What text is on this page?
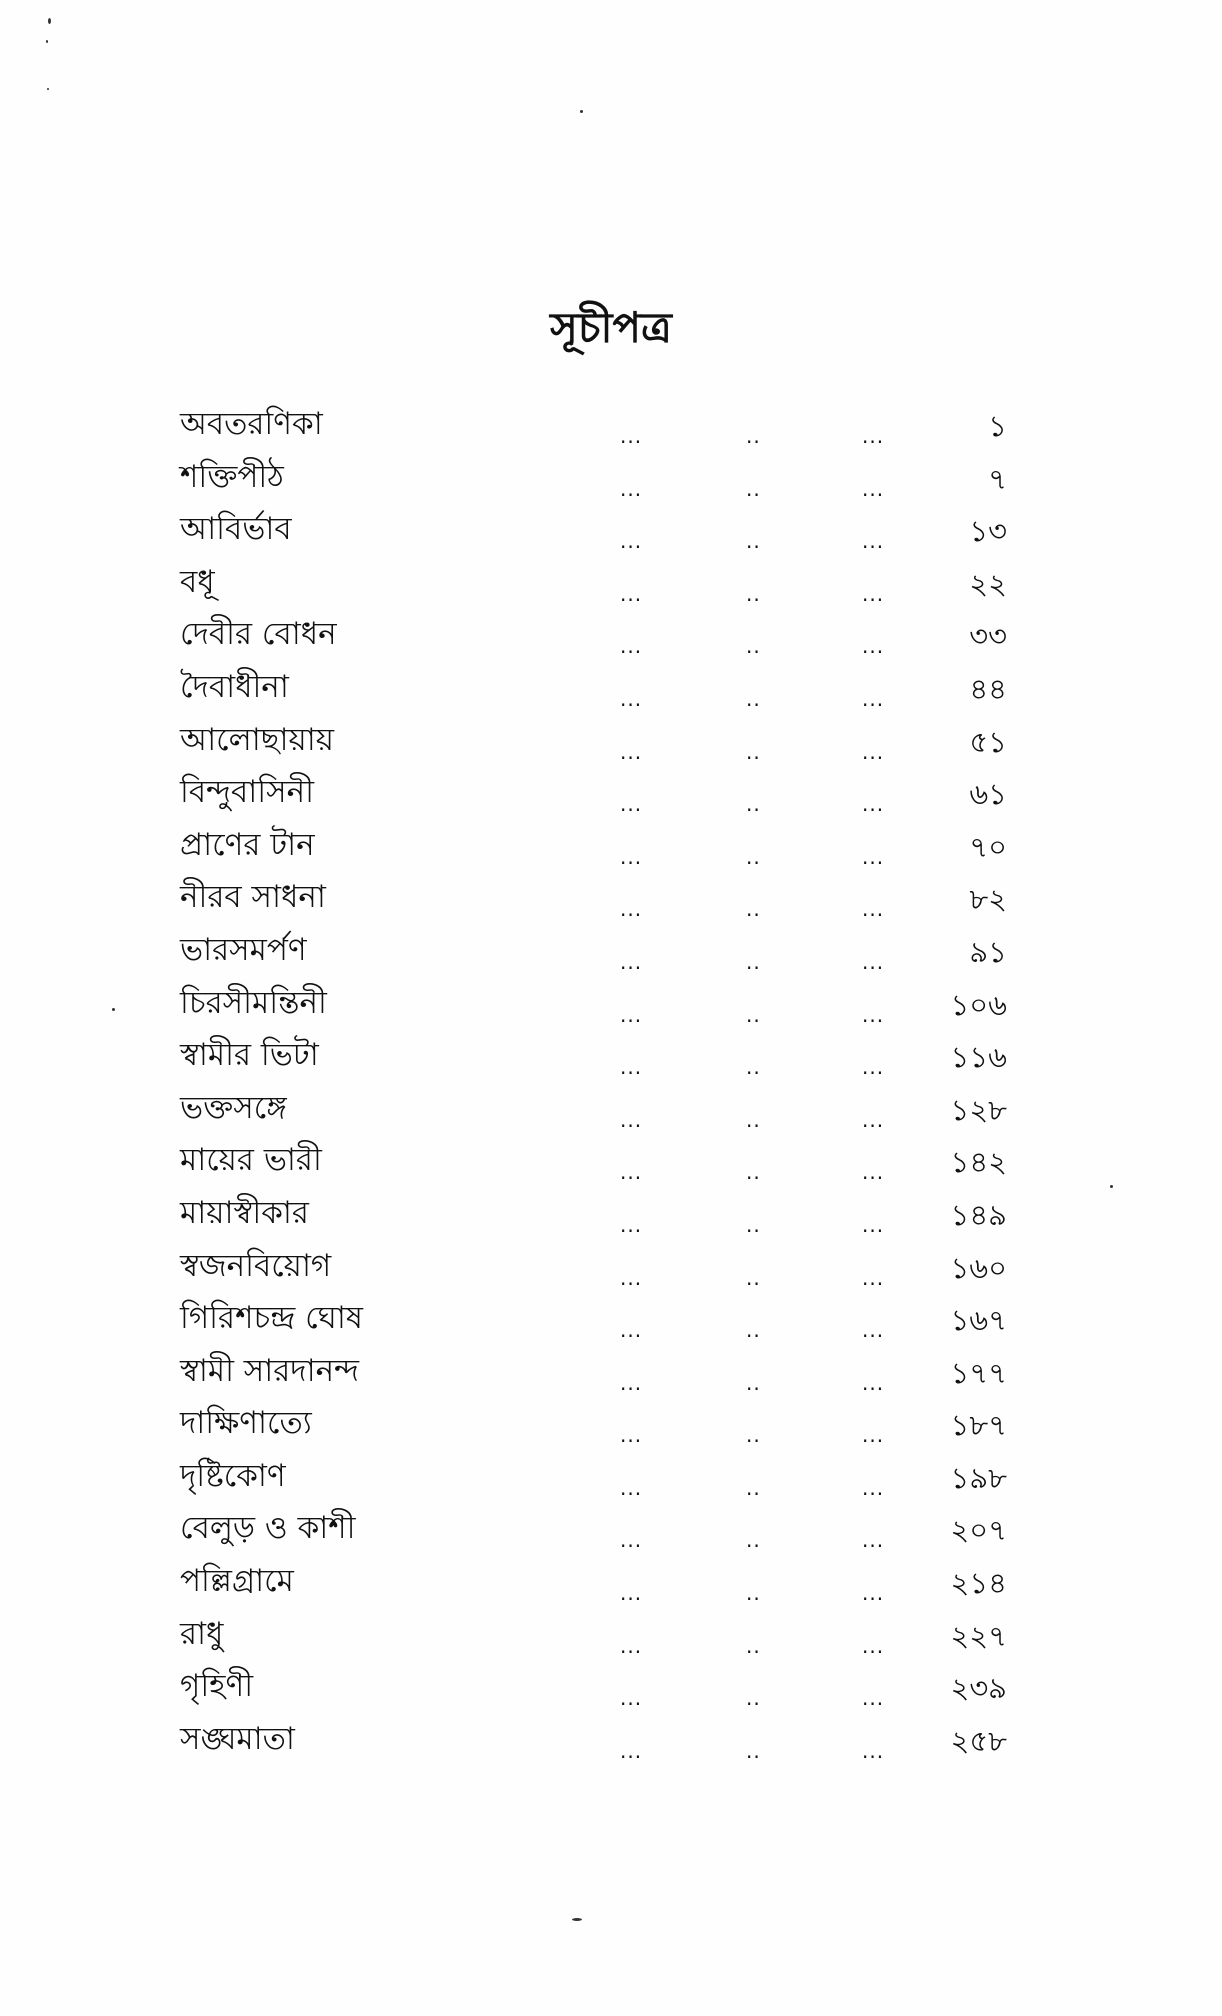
সূচীপত্র
অবতরণিকা	...	..	...	১
শক্তিপীঠ	...	..	...	৭
আবির্ভাব	...	..	...	১৩
বধূ	...	..	...	২২
দেবীর বোধন	...	..	...	৩৩
দৈবাধীনা	...	..	...	৪৪
আলোছায়ায়	...	..	...	৫১
বিন্দুবাসিনী	...	..	...	৬১
প্রাণের টান	...	..	...	৭০
নীরব সাধনা	...	..	...	৮২
ভারসমর্পণ	...	..	...	৯১
চিরসীমন্তিনী	...	..	... ১০৬
স্বামীর ভিটা	...	..	... ১১৬
ভক্তসঙ্গে	...	..	... ১২৮
মায়ের ভারী	...	..	... ১৪২
মায়াস্বীকার	...	..	... ১৪৯
স্বজনবিয়োগ	...	..	... ১৬০
গিরিশচন্দ্র ঘোষ	...	..	... ১৬৭
স্বামী সারদানন্দ	...	..	... ১৭৭
দাক্ষিণাত্যে	...	..	... ১৮৭
দৃষ্টিকোণ	...	..	... ১৯৮
বেলুড় ও কাশী	...	..	... ২০৭
পল্লিগ্রামে	...	..	... ২১৪
রাধু	...	..	... ২২৭
গৃহিণী	...	..	... ২৩৯
সঙ্ঘমাতা	...	..	... ২৫৮
